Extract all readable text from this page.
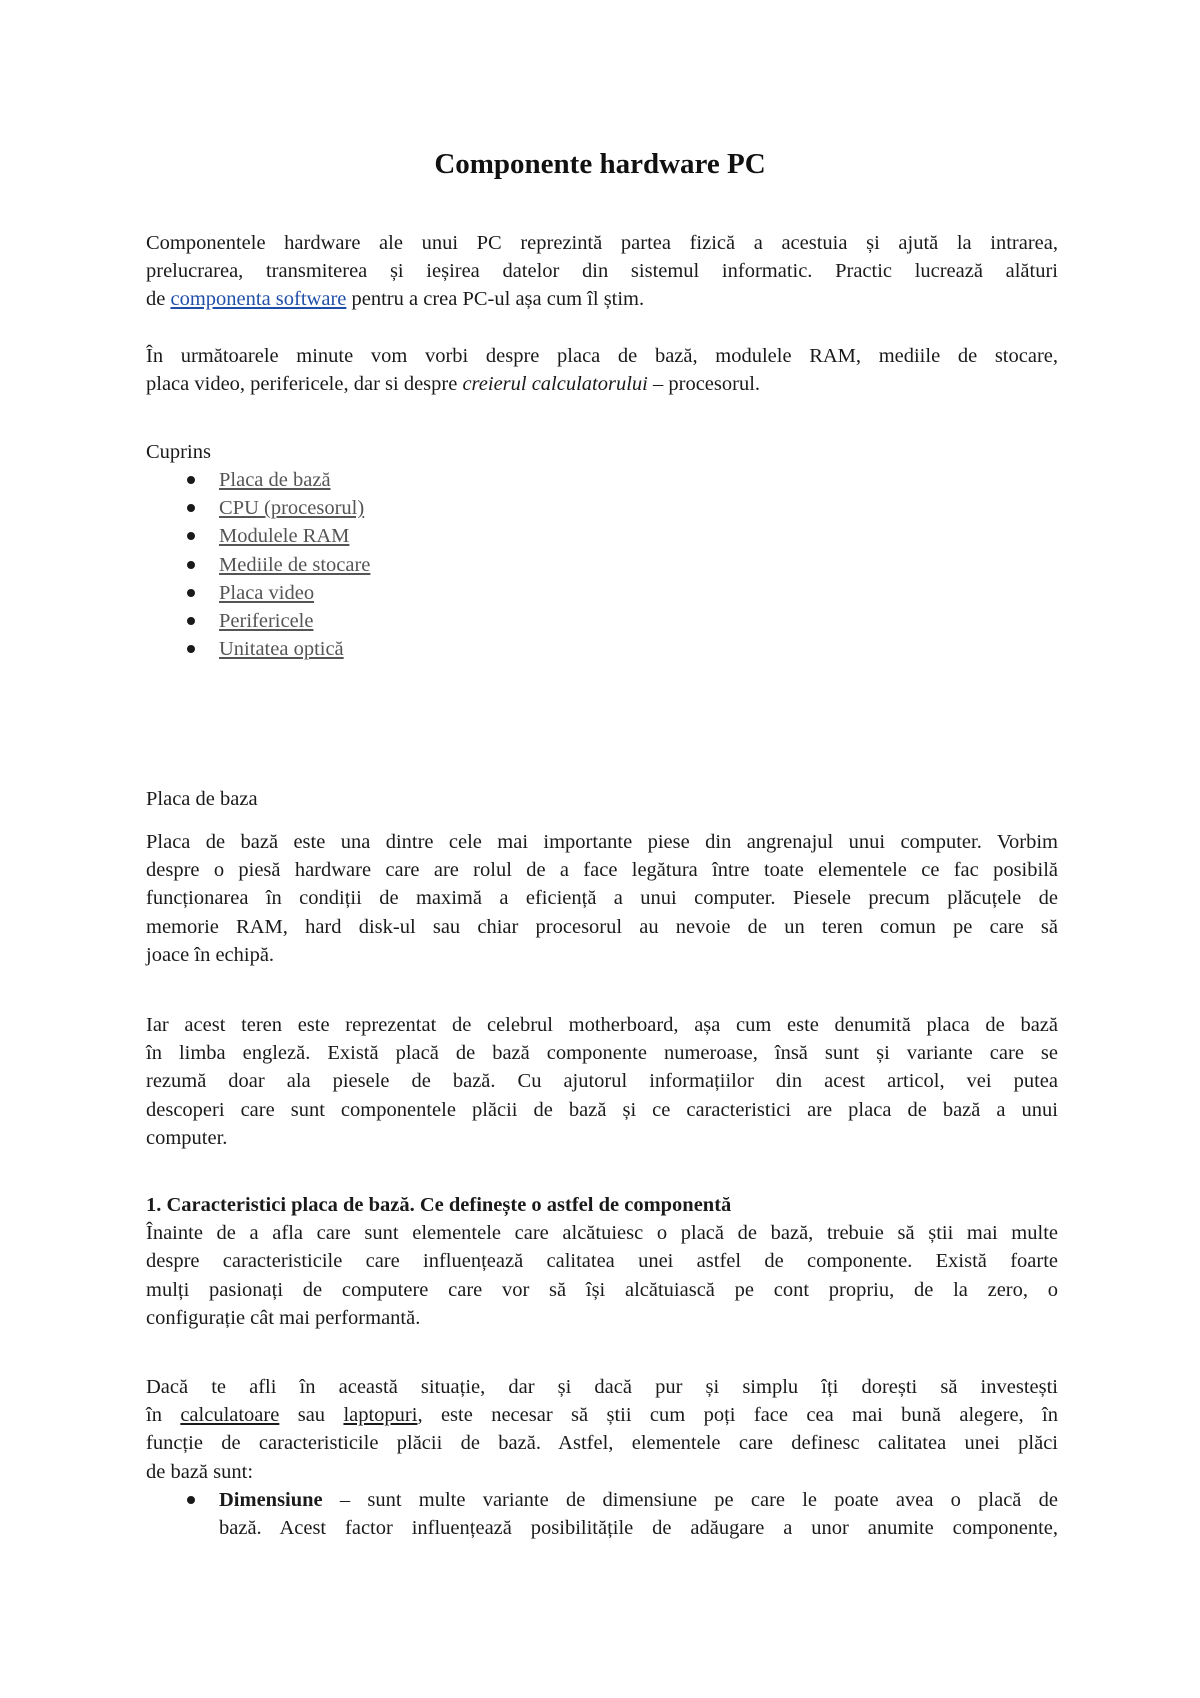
Componente hardware PC
Componentele hardware ale unui PC reprezintă partea fizică a acestuia și ajută la intrarea,
prelucrarea, transmiterea și ieșirea datelor din sistemul informatic. Practic lucrează alături
de componenta software pentru a crea PC-ul așa cum îl știm.
În următoarele minute vom vorbi despre placa de bază, modulele RAM, mediile de stocare,
placa video, perifericele, dar si despre creierul calculatorului – procesorul.
Cuprins
Placa de bază
CPU (procesorul)
Modulele RAM
Mediile de stocare
Placa video
Perifericele
Unitatea optică
Placa de baza
Placa de bază este una dintre cele mai importante piese din angrenajul unui computer. Vorbim
despre o piesă hardware care are rolul de a face legătura între toate elementele ce fac posibilă
funcționarea în condiții de maximă a eficiență a unui computer. Piesele precum plăcuțele de
memorie RAM, hard disk-ul sau chiar procesorul au nevoie de un teren comun pe care să
joace în echipă.
Iar acest teren este reprezentat de celebrul motherboard, așa cum este denumită placa de bază
în limba engleză. Există placă de bază componente numeroase, însă sunt și variante care se
rezumă doar ala piesele de bază. Cu ajutorul informațiilor din acest articol, vei putea
descoperi care sunt componentele plăcii de bază și ce caracteristici are placa de bază a unui
computer.
1. Caracteristici placa de bază. Ce definește o astfel de componentă
Înainte de a afla care sunt elementele care alcătuiesc o placă de bază, trebuie să știi mai multe
despre caracteristicile care influențează calitatea unei astfel de componente. Există foarte
mulți pasionați de computere care vor să își alcătuiască pe cont propriu, de la zero, o
configurație cât mai performantă.
Dacă te afli în această situație, dar și dacă pur și simplu îți dorești să investești
în calculatoare sau laptopuri, este necesar să știi cum poți face cea mai bună alegere, în
funcție de caracteristicile plăcii de bază. Astfel, elementele care definesc calitatea unei plăci
de bază sunt:
Dimensiune – sunt multe variante de dimensiune pe care le poate avea o placă de
bază. Acest factor influențează posibilitățile de adăugare a unor anumite componente,
